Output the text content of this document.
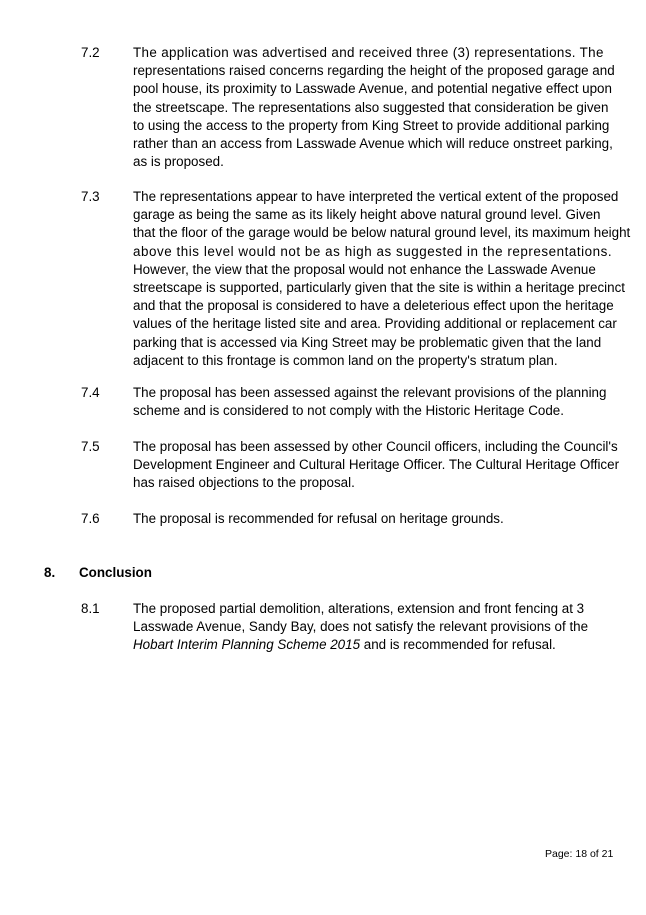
7.2	The application was advertised and received three (3) representations. The
representations raised concerns regarding the height of the proposed garage and
pool house, its proximity to Lasswade Avenue, and potential negative effect upon
the streetscape. The representations also suggested that consideration be given
to using the access to the property from King Street to provide additional parking
rather than an access from Lasswade Avenue which will reduce onstreet parking,
as is proposed.
7.3	The representations appear to have interpreted the vertical extent of the proposed
garage as being the same as its likely height above natural ground level. Given
that the floor of the garage would be below natural ground level, its maximum height
above this level would not be as high as suggested in the representations.
However, the view that the proposal would not enhance the Lasswade Avenue
streetscape is supported, particularly given that the site is within a heritage precinct
and that the proposal is considered to have a deleterious effect upon the heritage
values of the heritage listed site and area. Providing additional or replacement car
parking that is accessed via King Street may be problematic given that the land
adjacent to this frontage is common land on the property's stratum plan.
7.4	The proposal has been assessed against the relevant provisions of the planning
scheme and is considered to not comply with the Historic Heritage Code.
7.5	The proposal has been assessed by other Council officers, including the Council's
Development Engineer and Cultural Heritage Officer. The Cultural Heritage Officer
has raised objections to the proposal.
7.6	The proposal is recommended for refusal on heritage grounds.
8. Conclusion
8.1	The proposed partial demolition, alterations, extension and front fencing at 3
Lasswade Avenue, Sandy Bay, does not satisfy the relevant provisions of the
Hobart Interim Planning Scheme 2015 and is recommended for refusal.
Page: 18 of 21
